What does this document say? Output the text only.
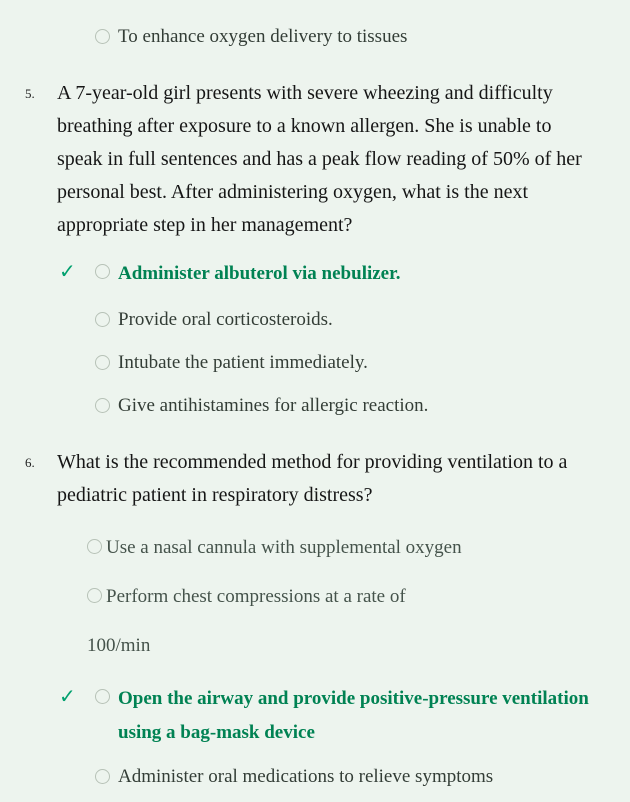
To enhance oxygen delivery to tissues
5.	A 7-year-old girl presents with severe wheezing and difficulty breathing after exposure to a known allergen. She is unable to speak in full sentences and has a peak flow reading of 50% of her personal best. After administering oxygen, what is the next appropriate step in her management?
✓	Administer albuterol via nebulizer.
Provide oral corticosteroids.
Intubate the patient immediately.
Give antihistamines for allergic reaction.
6.	What is the recommended method for providing ventilation to a pediatric patient in respiratory distress?
Use a nasal cannula with supplemental oxygen Perform chest compressions at a rate of 100/min
✓	Open the airway and provide positive-pressure ventilation using a bag-mask device
Administer oral medications to relieve symptoms
